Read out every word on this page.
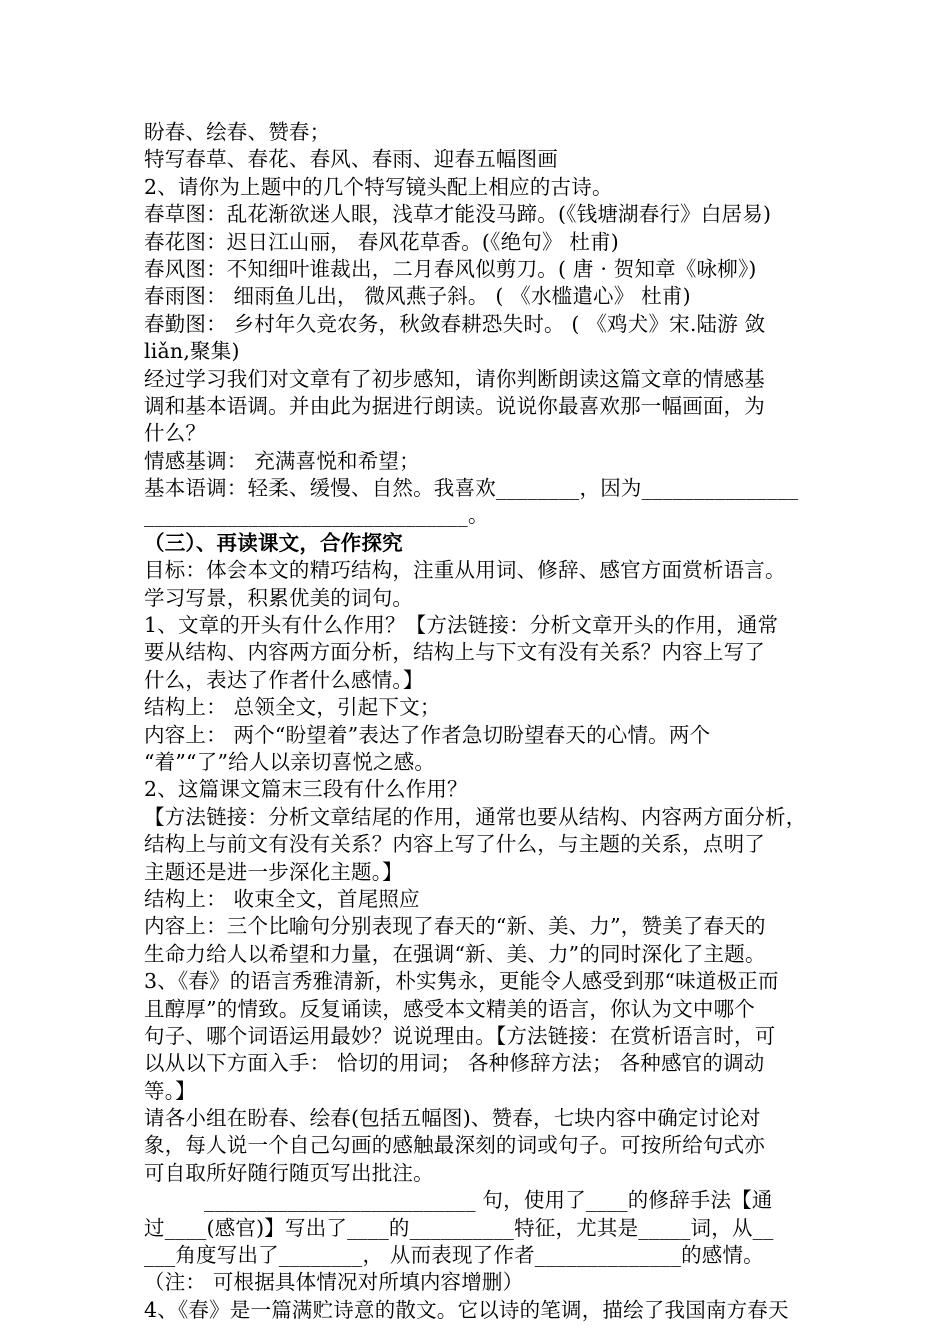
盼春、绘春、赞春；
特写春草、春花、春风、春雨、迎春五幅图画
2、请你为上题中的几个特写镜头配上相应的古诗。
春草图：乱花渐欲迷人眼，浅草才能没马蹄。(《钱塘湖春行》白居易)
春花图：迟日江山丽， 春风花草香。(《绝句》 杜甫)
春风图：不知细叶谁裁出，二月春风似剪刀。( 唐 · 贺知章《咏柳》)
春雨图： 细雨鱼儿出， 微风燕子斜。 ( 《水槛遣心》 杜甫)
春勤图： 乡村年久竞农务，秋敛春耕恐失时。 ( 《鸡犬》宋.陆游 敛
liǎn,聚集)
经过学习我们对文章有了初步感知，请你判断朗读这篇文章的情感基
调和基本语调。并由此为据进行朗读。说说你最喜欢那一幅画面，为
什么？
情感基调： 充满喜悦和希望；
基本语调：轻柔、缓慢、自然。我喜欢________，因为_______________
_______________________________。
（三）、再读课文，合作探究
目标：体会本文的精巧结构，注重从用词、修辞、感官方面赏析语言。
学习写景，积累优美的词句。
1、文章的开头有什么作用？【方法链接：分析文章开头的作用，通常
要从结构、内容两方面分析，结构上与下文有没有关系？内容上写了
什么，表达了作者什么感情。】
结构上： 总领全文，引起下文；
内容上： 两个“盼望着”表达了作者急切盼望春天的心情。两个
“着”“了”给人以亲切喜悦之感。
2、这篇课文篇末三段有什么作用？
【方法链接：分析文章结尾的作用，通常也要从结构、内容两方面分析，
结构上与前文有没有关系？内容上写了什么，与主题的关系，点明了
主题还是进一步深化主题。】
结构上： 收束全文，首尾照应
内容上：三个比喻句分别表现了春天的“新、美、力”，赞美了春天的
生命力给人以希望和力量，在强调“新、美、力”的同时深化了主题。
3、《春》的语言秀雅清新，朴实隽永，更能令人感受到那“味道极正而
且醇厚”的情致。反复诵读，感受本文精美的语言，你认为文中哪个
句子、哪个词语运用最妙？说说理由。【方法链接：在赏析语言时，可
以从以下方面入手： 恰切的用词； 各种修辞方法； 各种感官的调动
等。】
请各小组在盼春、绘春(包括五幅图)、赞春，七块内容中确定讨论对
象，每人说一个自己勾画的感触最深刻的词或句子。可按所给句式亦
可自取所好随行随页写出批注。
__________________________ 句，使用了____的修辞手法【通
过____(感官)】写出了____的__________特征，尤其是_____词，从__
___角度写出了________， 从而表现了作者______________的感情。
（注： 可根据具体情况对所填内容增删）
4、《春》是一篇满贮诗意的散文。它以诗的笔调，描绘了我国南方春天
